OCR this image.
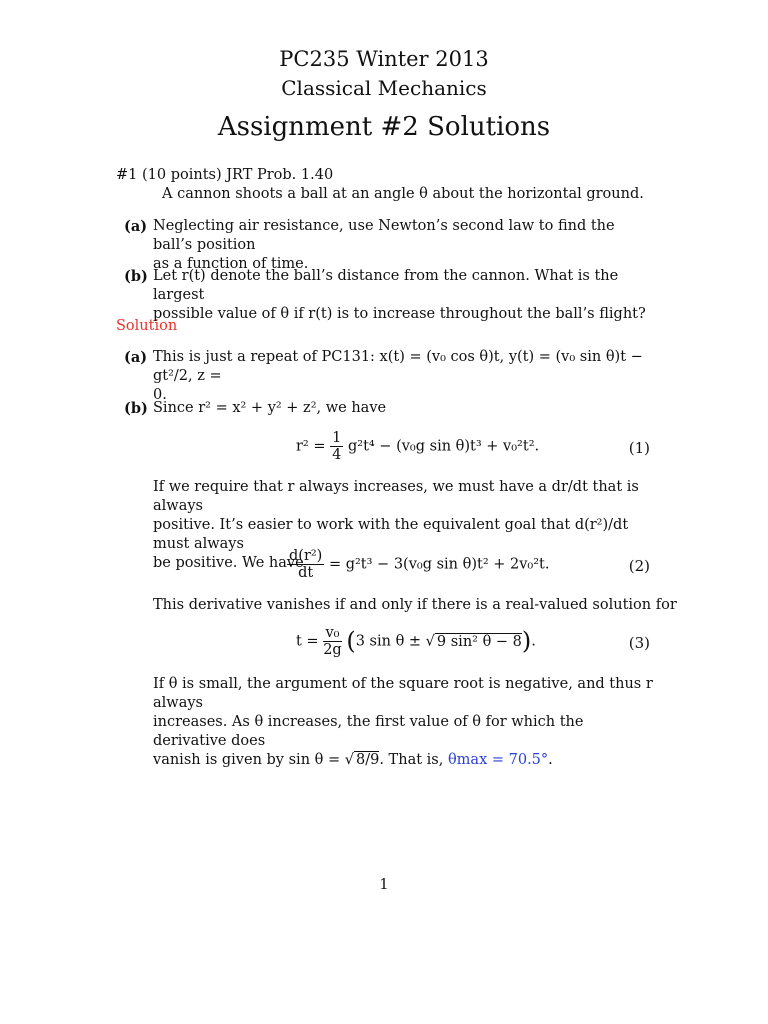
PC235 Winter 2013
Classical Mechanics
Assignment #2 Solutions
#1 (10 points) JRT Prob. 1.40
A cannon shoots a ball at an angle θ about the horizontal ground.
(a) Neglecting air resistance, use Newton’s second law to find the ball’s position
as a function of time.
(b) Let r(t) denote the ball’s distance from the cannon. What is the largest
possible value of θ if r(t) is to increase throughout the ball’s flight?
Solution
(a) This is just a repeat of PC131: x(t) = (v₀ cos θ)t, y(t) = (v₀ sin θ)t − gt²/2, z =
0.
(b) Since r² = x² + y² + z², we have
$r^2 = \frac{1}{4} g^2t^4 - (v_0g$ sin θ)t³ + v₀²t².	(1)
If we require that r always increases, we must have a dr/dt that is always
positive. It’s easier to work with the equivalent goal that d(r²)/dt must always
be positive. We have
$\frac{\text{d(r²)}}{dt} = g^2t^3 - 3(v_0g$ sin θ)t² + 2v₀²t.	(2)
This derivative vanishes if and only if there is a real-valued solution for
$t = \frac{\text{v₀}}{2g} (3$ sin θ ± √ 9 sin² θ − 8).	(3)
If θ is small, the argument of the square root is negative, and thus r always
increases. As θ increases, the first value of θ for which the derivative does
vanish is given by sin θ = √ 8/9. That is, θmax = 70.5°.
1
